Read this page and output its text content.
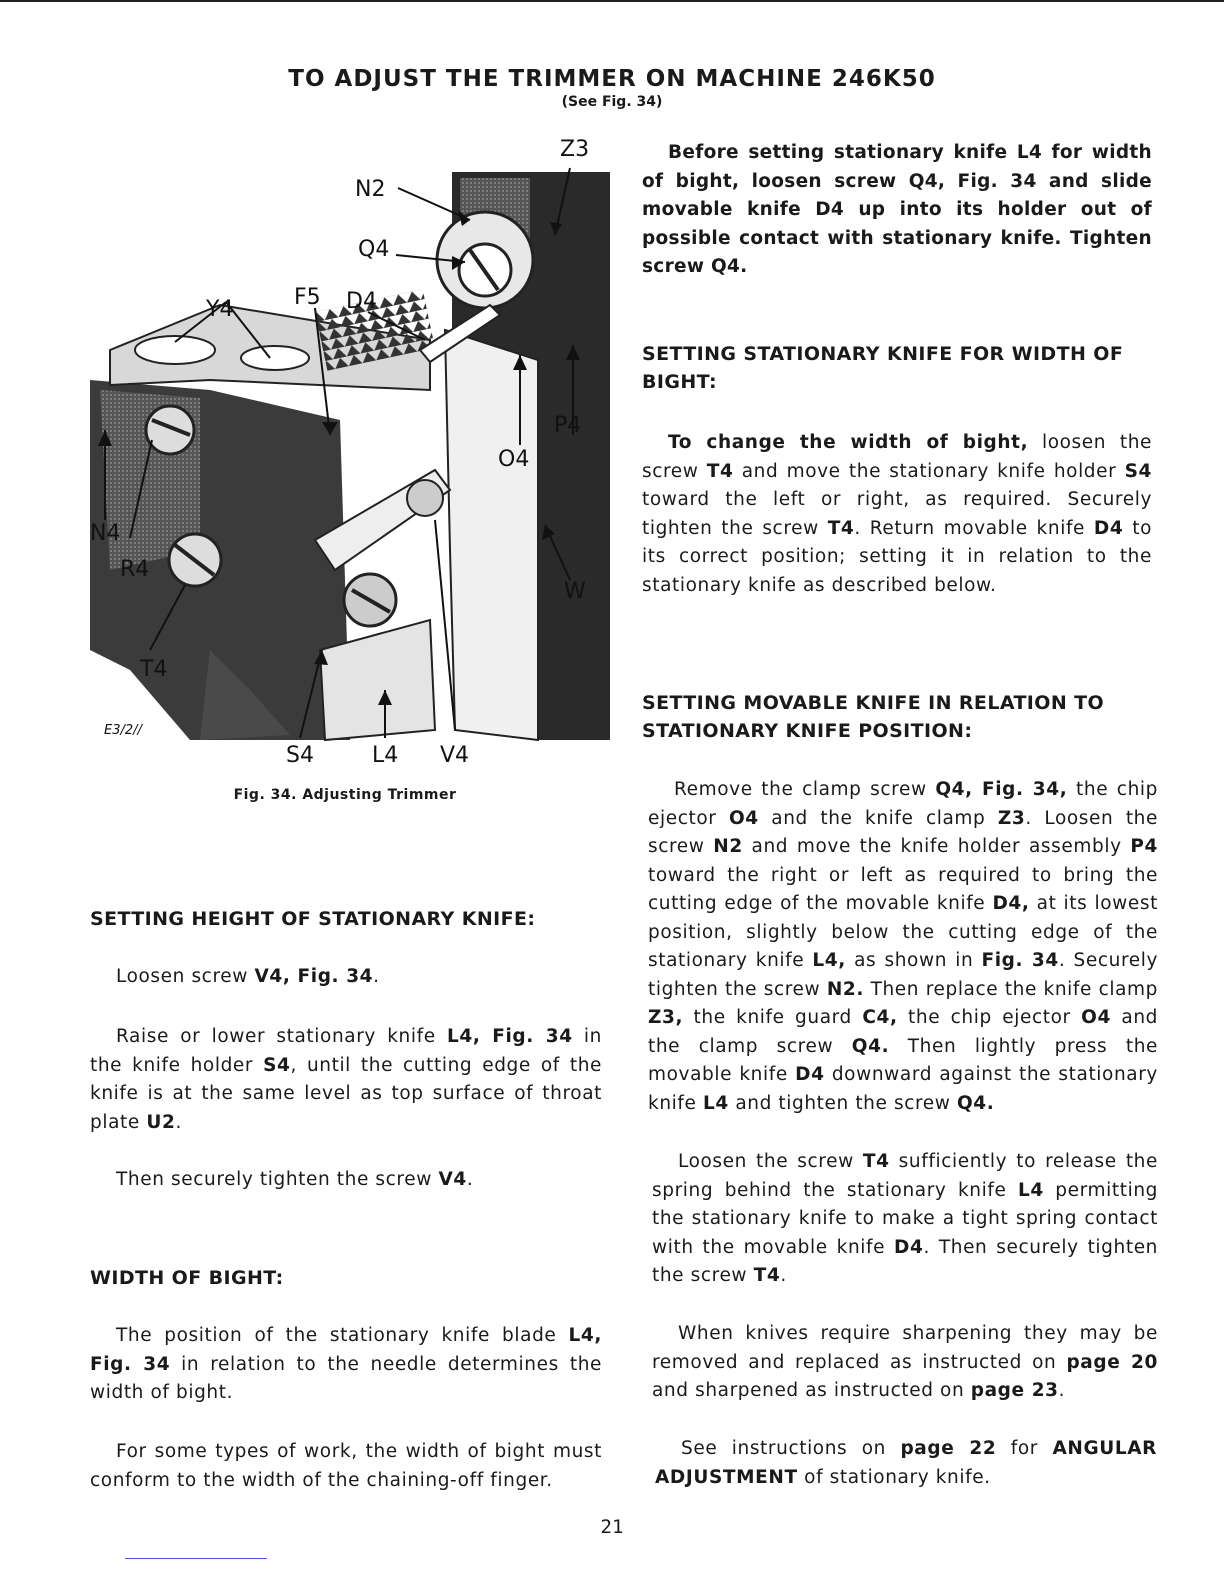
TO ADJUST THE TRIMMER ON MACHINE 246K50
(See Fig. 34)
Z3
N2
Q4
Y4	F5 D4
P4
O4
N4
R4
W
T4
S4	L4 V4
E3/2//
Fig. 34. Adjusting Trimmer
SETTING HEIGHT OF STATIONARY KNIFE:

Loosen screw V4, Fig. 34.

Raise or lower stationary knife L4, Fig. 34 in the knife holder S4, until the cutting edge of the knife is at the same level as top surface of throat plate U2.

Then securely tighten the screw V4.

WIDTH OF BIGHT:

The position of the stationary knife blade L4, Fig. 34 in relation to the needle determines the width of bight.

For some types of work, the width of bight must conform to the width of the chaining-off finger.

Before setting stationary knife L4 for width of bight, loosen screw Q4, Fig. 34 and slide movable knife D4 up into its holder out of possible contact with stationary knife. Tighten screw Q4.

SETTING STATIONARY KNIFE FOR WIDTH OF BIGHT:

To change the width of bight, loosen the screw T4 and move the stationary knife holder S4 toward the left or right, as required. Securely tighten the screw T4. Return movable knife D4 to its correct position; setting it in relation to the stationary knife as described below.

SETTING MOVABLE KNIFE IN RELATION TO STATIONARY KNIFE POSITION:

Remove the clamp screw Q4, Fig. 34, the chip ejector O4 and the knife clamp Z3. Loosen the screw N2 and move the knife holder assembly P4 toward the right or left as required to bring the cutting edge of the movable knife D4, at its lowest position, slightly below the cutting edge of the stationary knife L4, as shown in Fig. 34. Securely tighten the screw N2. Then replace the knife clamp Z3, the knife guard C4, the chip ejector O4 and the clamp screw Q4. Then lightly press the movable knife D4 downward against the stationary knife L4 and tighten the screw Q4.

Loosen the screw T4 sufficiently to release the spring behind the stationary knife L4 permitting the stationary knife to make a tight spring contact with the movable knife D4. Then securely tighten the screw T4.

When knives require sharpening they may be removed and replaced as instructed on page 20 and sharpened as instructed on page 23.

See instructions on page 22 for ANGULAR ADJUSTMENT of stationary knife.

21
